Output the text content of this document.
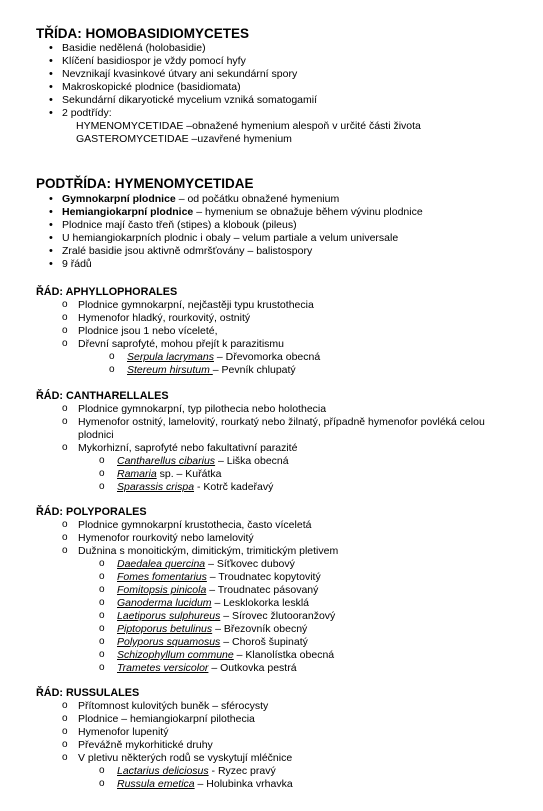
TŘÍDA: HOMOBASIDIOMYCETES
• Basidie nedělená (holobasidie)
• Klíčení basidiospor je vždy pomocí hyfy
• Nevznikají kvasinkové útvary ani sekundární spory
• Makroskopické plodnice (basidiomata)
• Sekundární dikaryotické mycelium vzniká somatogamií
• 2 podtřídy:
HYMENOMYCETIDAE –obnažené hymenium alespoň v určité části života
GASTEROMYCETIDAE –uzavřené hymenium
PODTŘÍDA: HYMENOMYCETIDAE
• Gymnokarpní plodnice – od počátku obnažené hymenium
• Hemiangiokarpní plodnice – hymenium se obnažuje během vývinu plodnice
• Plodnice mají často třeň (stipes) a klobouk (pileus)
• U hemiangiokarpních plodnic i obaly – velum partiale a velum universale
• Zralé basidie jsou aktivně odmršťovány – balistospory
• 9 řádů
ŘÁD: APHYLLOPHORALES
o Plodnice gymnokarpní, nejčastěji typu krustothecia
o Hymenofor hladký, rourkovitý, ostnitý
o Plodnice jsou 1 nebo víceleté,
o Dřevní saprofyté, mohou přejít k parazitismu
o Serpula lacrymans – Dřevomorka obecná
o Stereum hirsutum – Pevník chlupatý
ŘÁD: CANTHARELLALES
o Plodnice gymnokarpní, typ pilothecia nebo holothecia
o Hymenofor ostnitý, lamelovitý, rourkatý nebo žilnatý, případně hymenofor povléká celou
plodnici
o Mykorhizní, saprofyté nebo fakultativní parazité
o Cantharellus cibarius – Liška obecná
o Ramaria sp. – Kuřátka
o Sparassis crispa - Kotrč kadeřavý
ŘÁD: POLYPORALES
o Plodnice gymnokarpní krustothecia, často víceletá
o Hymenofor rourkovitý nebo lamelovitý
o Dužnina s monoitickým, dimitickým, trimitickým pletivem
o Daedalea quercina – Síťkovec dubový
o Fomes fomentarius – Troudnatec kopytovitý
o Fomitopsis pinicola – Troudnatec pásovaný
o Ganoderma lucidum – Lesklokorka lesklá
o Laetiporus sulphureus – Sírovec žlutooranžový
o Piptoporus betulinus – Březovník obecný
o Polyporus squamosus – Choroš šupinatý
o Schizophyllum commune – Klanolístka obecná
o Trametes versicolor – Outkovka pestrá
ŘÁD: RUSSULALES
o Přítomnost kulovitých buněk – sférocysty
o Plodnice – hemiangiokarpní pilothecia
o Hymenofor lupenitý
o Převážně mykorhitické druhy
o V pletivu některých rodů se vyskytují mléčnice
o Lactarius deliciosus - Ryzec pravý
o Russula emetica – Holubinka vrhavka
